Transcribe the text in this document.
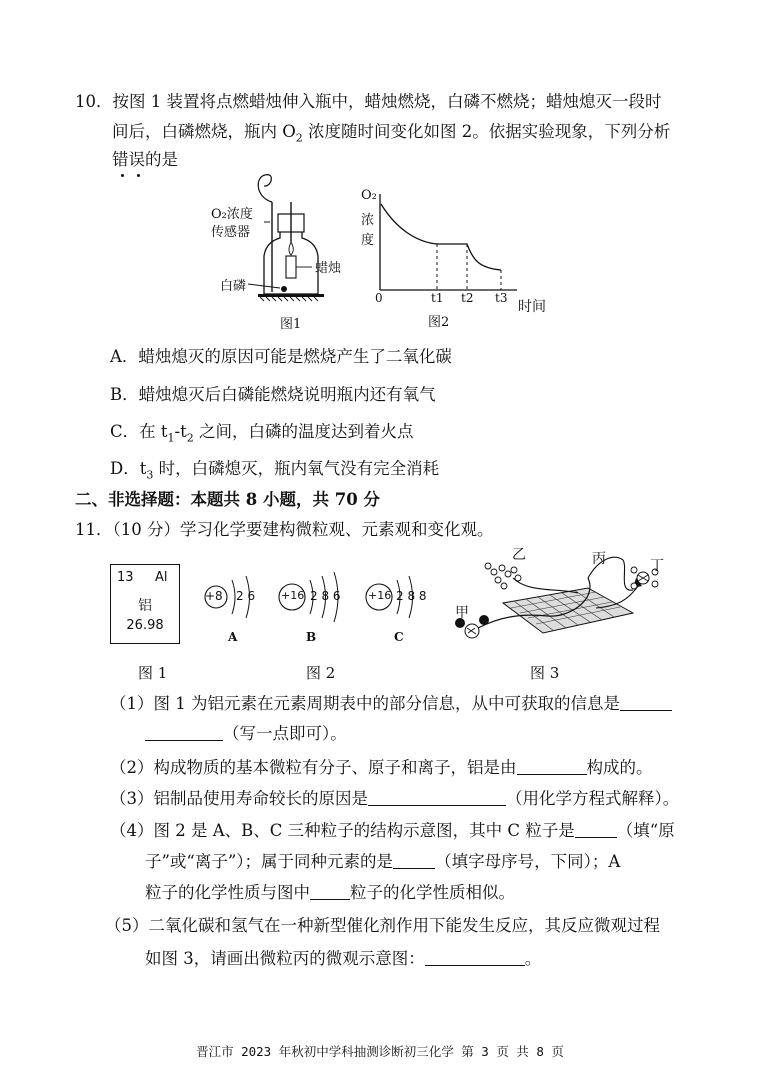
10．按图 1 装置将点燃蜡烛伸入瓶中，蜡烛燃烧，白磷不燃烧；蜡烛熄灭一段时
间后，白磷燃烧，瓶内 $O_2$ 浓度随时间变化如图 2。依据实验现象，下列分析
错误的是
O₂浓度
传感器
蜡烛
白磷
图1
O₂
浓
度
0	t1 t2 t3
时间
图2
A．蜡烛熄灭的原因可能是燃烧产生了二氧化碳
B．蜡烛熄灭后白磷能燃烧说明瓶内还有氧气
C．在 $t_1-t_2$ 之间，白磷的温度达到着火点
D．$t_3$ 时，白磷熄灭，瓶内氧气没有完全消耗
二、非选择题：本题共 8 小题，共 70 分
11．（10 分）学习化学要建构微粒观、元素观和变化观。
13 Al
铝
26.98
图 1
+8 2 6
A
+16 2 8 6
B
+16 2 8 8
C
图 2
乙	丙	丁
甲
图 3
（1）图 1 为铝元素在元素周期表中的部分信息，从中可获取的信息是
（写一点即可）。
（2）构成物质的基本微粒有分子、原子和离子，铝是由	构成的。
（3）铝制品使用寿命较长的原因是	（用化学方程式解释）。
（4）图 2 是 A、B、C 三种粒子的结构示意图，其中 C 粒子是	（填“原
子”或“离子”）；属于同种元素的是	（填字母序号，下同）；A
粒子的化学性质与图中 粒子的化学性质相似。
（5）二氧化碳和氢气在一种新型催化剂作用下能发生反应，其反应微观过程
如图 3，请画出微粒丙的微观示意图：	。
晋江市 2023 年秋初中学科抽测诊断初三化学 第 3 页 共 8 页
